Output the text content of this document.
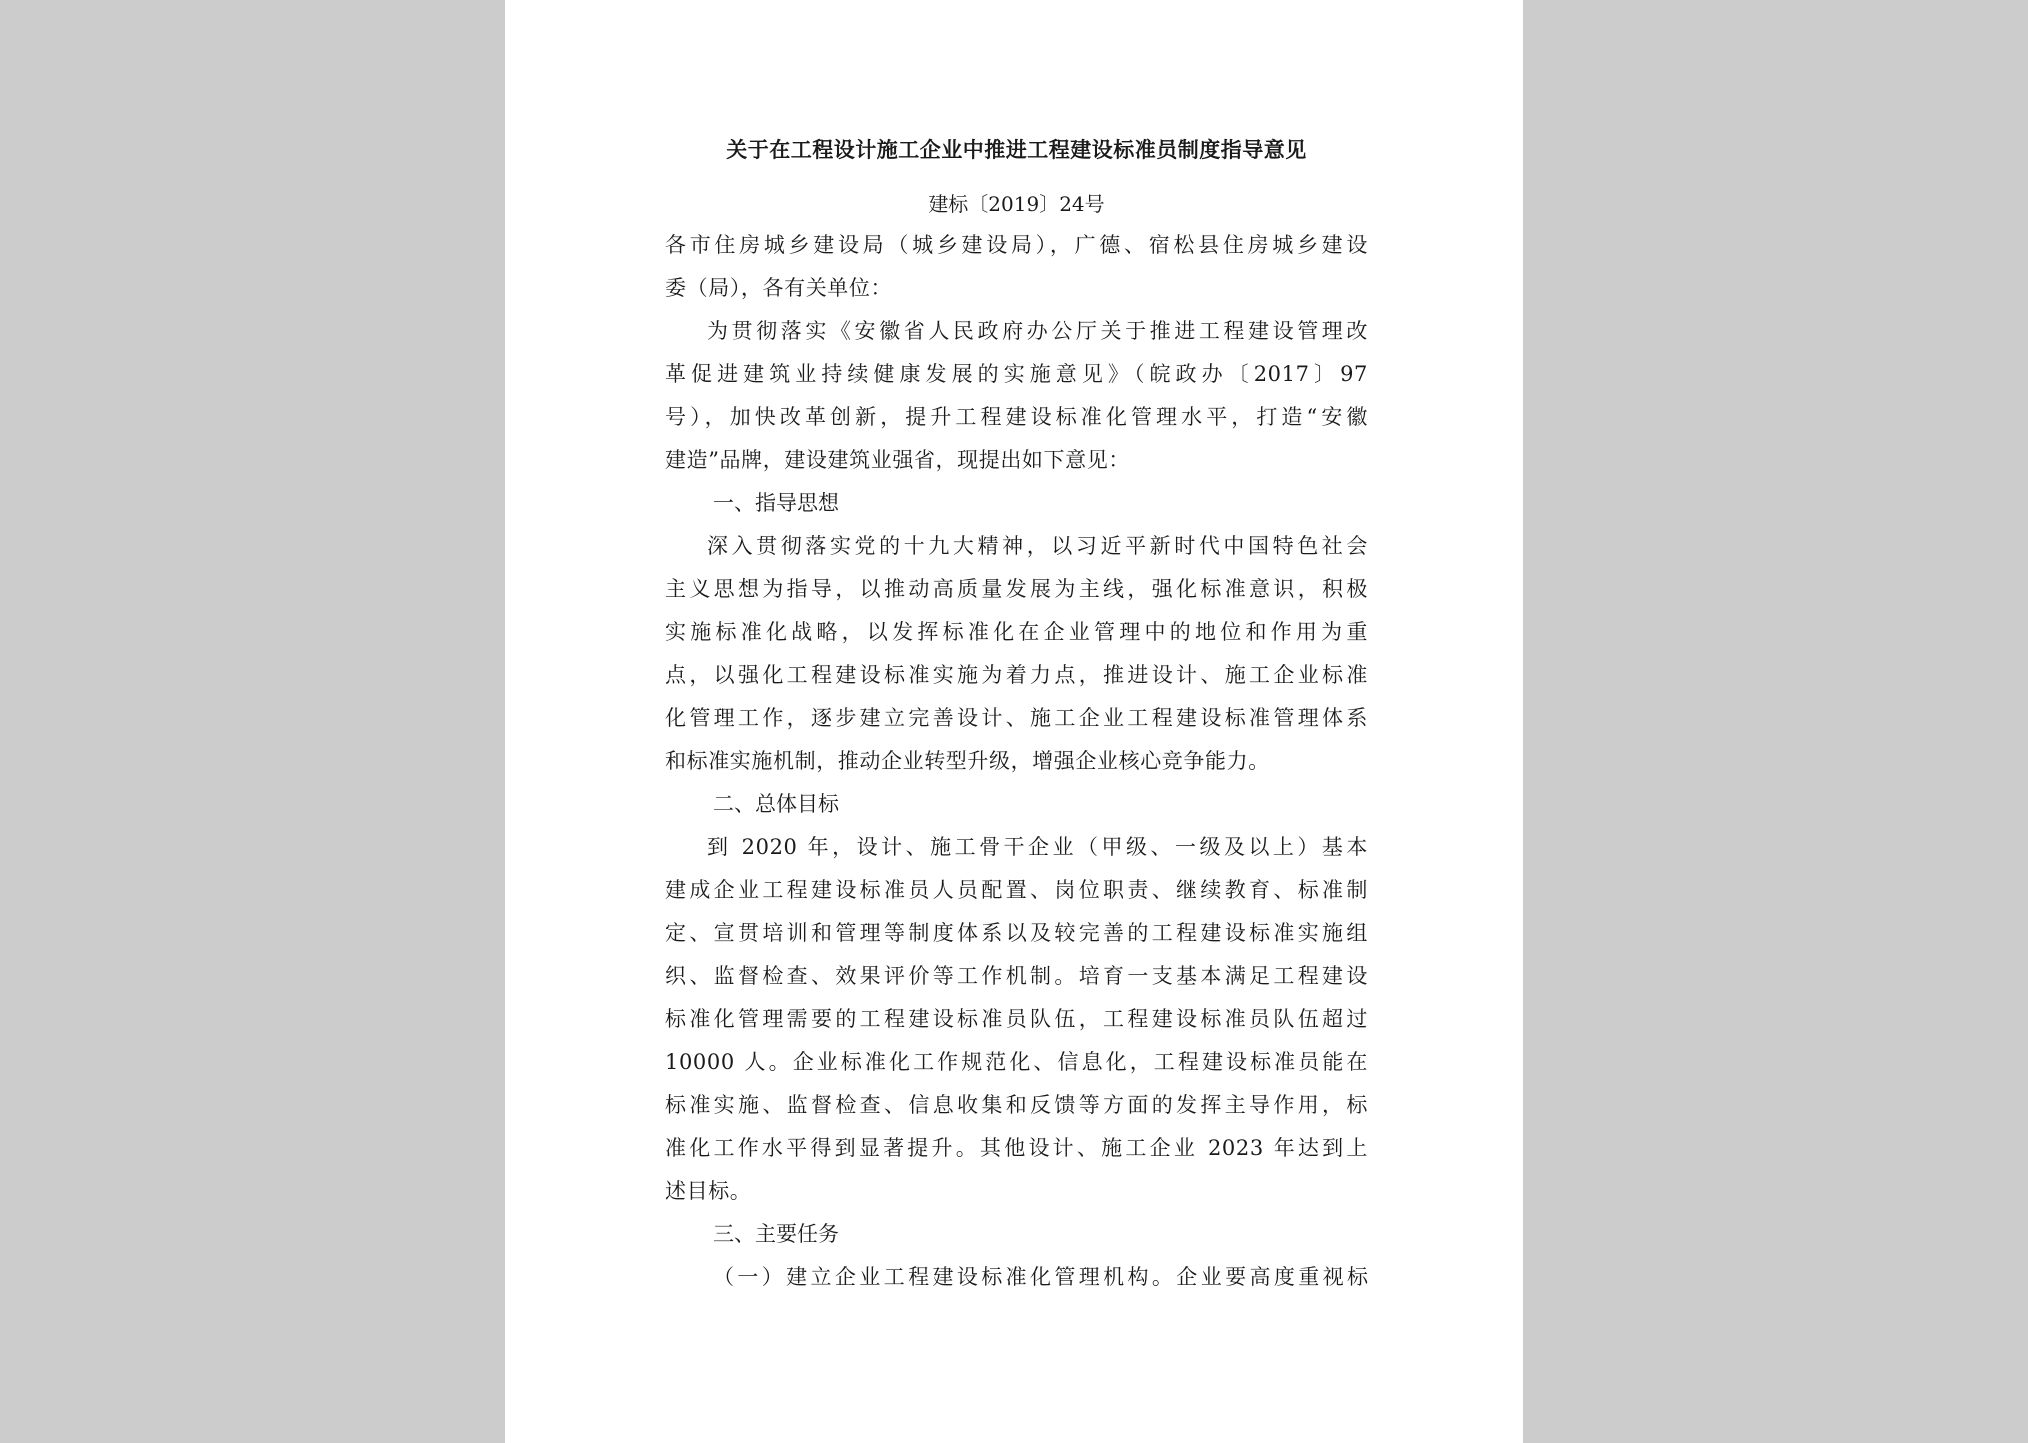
关于在工程设计施工企业中推进工程建设标准员制度指导意见

建标〔2019〕24号

各市住房城乡建设局（城乡建设局），广德、宿松县住房城乡建设
委（局），各有关单位：

为贯彻落实《安徽省人民政府办公厅关于推进工程建设管理改
革促进建筑业持续健康发展的实施意见》（皖政办〔2017〕97
号），加快改革创新，提升工程建设标准化管理水平，打造“安徽
建造”品牌，建设建筑业强省，现提出如下意见：

一、指导思想

深入贯彻落实党的十九大精神，以习近平新时代中国特色社会
主义思想为指导，以推动高质量发展为主线，强化标准意识，积极
实施标准化战略，以发挥标准化在企业管理中的地位和作用为重
点，以强化工程建设标准实施为着力点，推进设计、施工企业标准
化管理工作，逐步建立完善设计、施工企业工程建设标准管理体系
和标准实施机制，推动企业转型升级，增强企业核心竞争能力。

二、总体目标

到 2020 年，设计、施工骨干企业（甲级、一级及以上）基本
建成企业工程建设标准员人员配置、岗位职责、继续教育、标准制
定、宣贯培训和管理等制度体系以及较完善的工程建设标准实施组
织、监督检查、效果评价等工作机制。培育一支基本满足工程建设
标准化管理需要的工程建设标准员队伍，工程建设标准员队伍超过
10000 人。企业标准化工作规范化、信息化，工程建设标准员能在
标准实施、监督检查、信息收集和反馈等方面的发挥主导作用，标
准化工作水平得到显著提升。其他设计、施工企业 2023 年达到上
述目标。

三、主要任务

（一）建立企业工程建设标准化管理机构。企业要高度重视标
